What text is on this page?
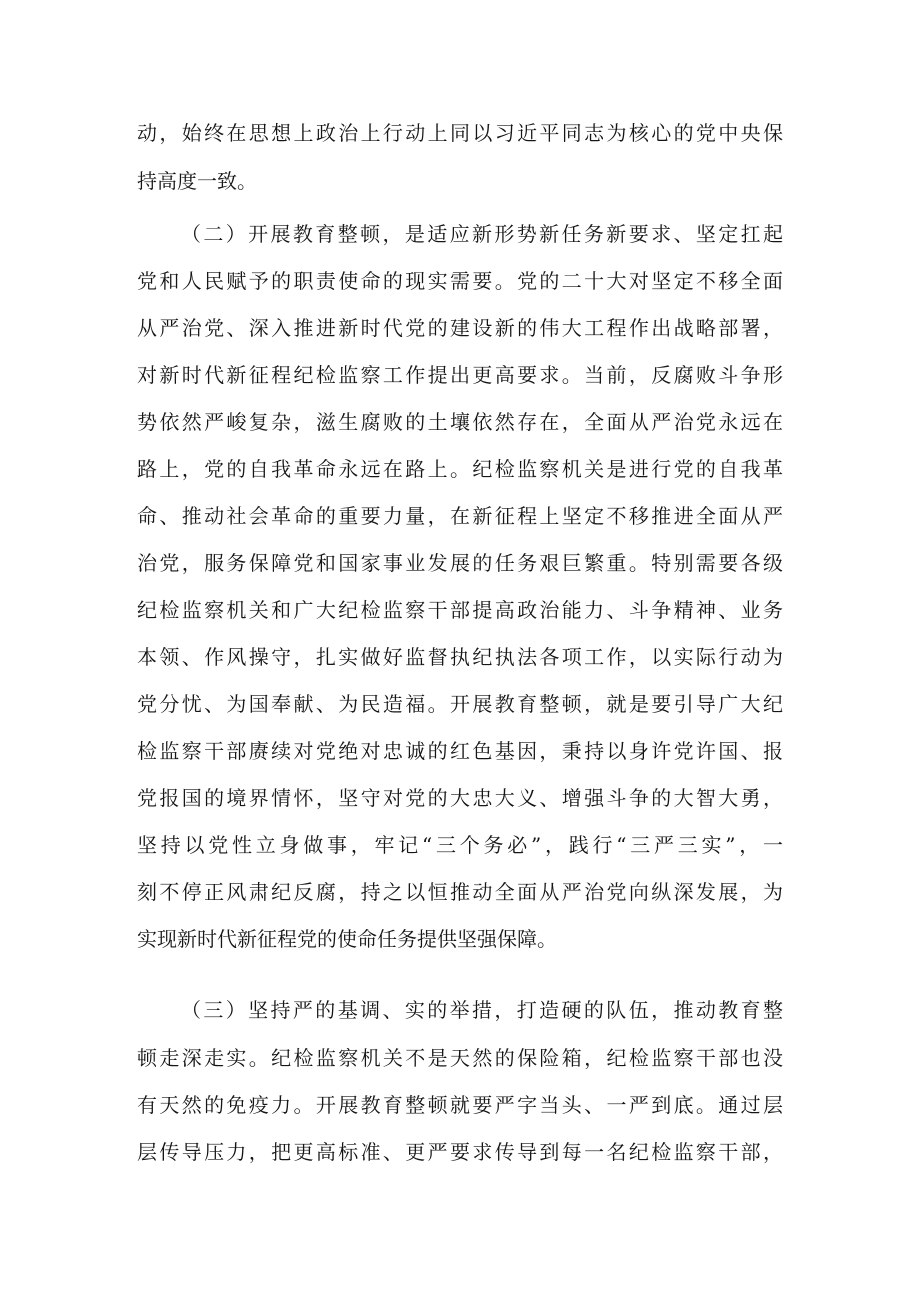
动，始终在思想上政治上行动上同以习近平同志为核心的党中央保
持高度一致。
（二）开展教育整顿，是适应新形势新任务新要求、坚定扛起
党和人民赋予的职责使命的现实需要。党的二十大对坚定不移全面
从严治党、深入推进新时代党的建设新的伟大工程作出战略部署，
对新时代新征程纪检监察工作提出更高要求。当前，反腐败斗争形
势依然严峻复杂，滋生腐败的土壤依然存在，全面从严治党永远在
路上，党的自我革命永远在路上。纪检监察机关是进行党的自我革
命、推动社会革命的重要力量，在新征程上坚定不移推进全面从严
治党，服务保障党和国家事业发展的任务艰巨繁重。特别需要各级
纪检监察机关和广大纪检监察干部提高政治能力、斗争精神、业务
本领、作风操守，扎实做好监督执纪执法各项工作，以实际行动为
党分忧、为国奉献、为民造福。开展教育整顿，就是要引导广大纪
检监察干部赓续对党绝对忠诚的红色基因，秉持以身许党许国、报
党报国的境界情怀，坚守对党的大忠大义、增强斗争的大智大勇，
坚持以党性立身做事，牢记“三个务必”，践行“三严三实”，一
刻不停正风肃纪反腐，持之以恒推动全面从严治党向纵深发展，为
实现新时代新征程党的使命任务提供坚强保障。
（三）坚持严的基调、实的举措，打造硬的队伍，推动教育整
顿走深走实。纪检监察机关不是天然的保险箱，纪检监察干部也没
有天然的免疫力。开展教育整顿就要严字当头、一严到底。通过层
层传导压力，把更高标准、更严要求传导到每一名纪检监察干部，
